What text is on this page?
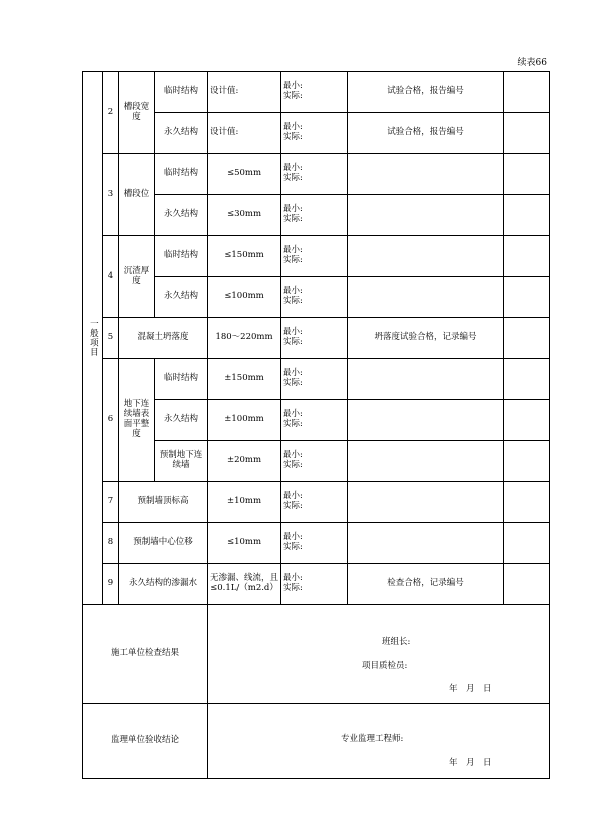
续表66
一般项目	2	槽段宽度	临时结构	设计值:	最小:
实际:	试验合格，报告编号	
			永久结构	设计值:	最小:
实际:	试验合格，报告编号	
	3	槽段位	临时结构	≤50mm	最小:
实际:		

			永久结构	≤30mm	最小:
实际:		

	4	沉渣厚度	临时结构	≤150mm	最小:
实际:		

			永久结构	≤100mm	最小:
实际:		

	5	混凝土坍落度		180～220mm	最小:
实际:	坍落度试验合格，记录编号	
	6	地下连续墙表面平整度	临时结构	±150mm	最小:
实际:		

			永久结构	±100mm	最小:
实际:		

			预制地下连续墙	±20mm	最小:
实际:		

	7	预制墙顶标高		±10mm	最小:
实际:		

	8	预制墙中心位移		≤10mm	最小:
实际:		

	9	永久结构的渗漏水		无渗漏、线流，且≤0.1L/（m2.d）	最小:
实际:	检查合格，记录编号	
施工单位检查结果				班组长:
项目质检员:
年　月　日			

监理单位验收结论				专业监理工程师:
年　月　日			
